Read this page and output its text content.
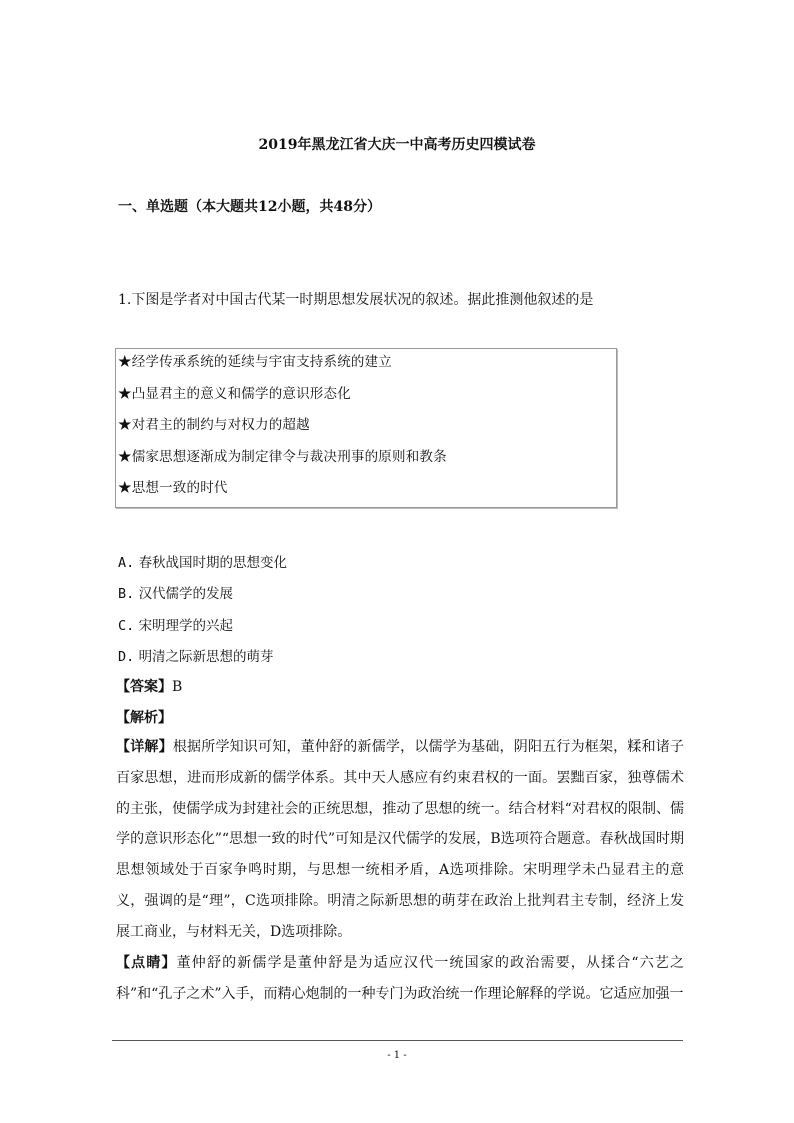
2019年黑龙江省大庆一中高考历史四模试卷
一、单选题（本大题共12小题，共48分）
1.下图是学者对中国古代某一时期思想发展状况的叙述。据此推测他叙述的是
★经学传承系统的延续与宇宙支持系统的建立
★凸显君主的意义和儒学的意识形态化
★对君主的制约与对权力的超越
★儒家思想逐渐成为制定律令与裁决刑事的原则和教条
★思想一致的时代
A. 春秋战国时期的思想变化
B. 汉代儒学的发展
C. 宋明理学的兴起
D. 明清之际新思想的萌芽
【答案】B
【解析】
【详解】根据所学知识可知，董仲舒的新儒学，以儒学为基础，阴阳五行为框架，糅和诸子百家思想，进而形成新的儒学体系。其中天人感应有约束君权的一面。罢黜百家，独尊儒术的主张，使儒学成为封建社会的正统思想，推动了思想的统一。结合材料“对君权的限制、儒学的意识形态化”“思想一致的时代”可知是汉代儒学的发展，B选项符合题意。春秋战国时期思想领域处于百家争鸣时期，与思想一统相矛盾，A选项排除。宋明理学未凸显君主的意义，强调的是“理”，C选项排除。明清之际新思想的萌芽在政治上批判君主专制，经济上发展工商业，与材料无关，D选项排除。
【点睛】董仲舒的新儒学是董仲舒是为适应汉代一统国家的政治需要，从揉合“六艺之科”和“孔子之术”入手，而精心炮制的一种专门为政治统一作理论解释的学说。它适应加强一
- 1 -
